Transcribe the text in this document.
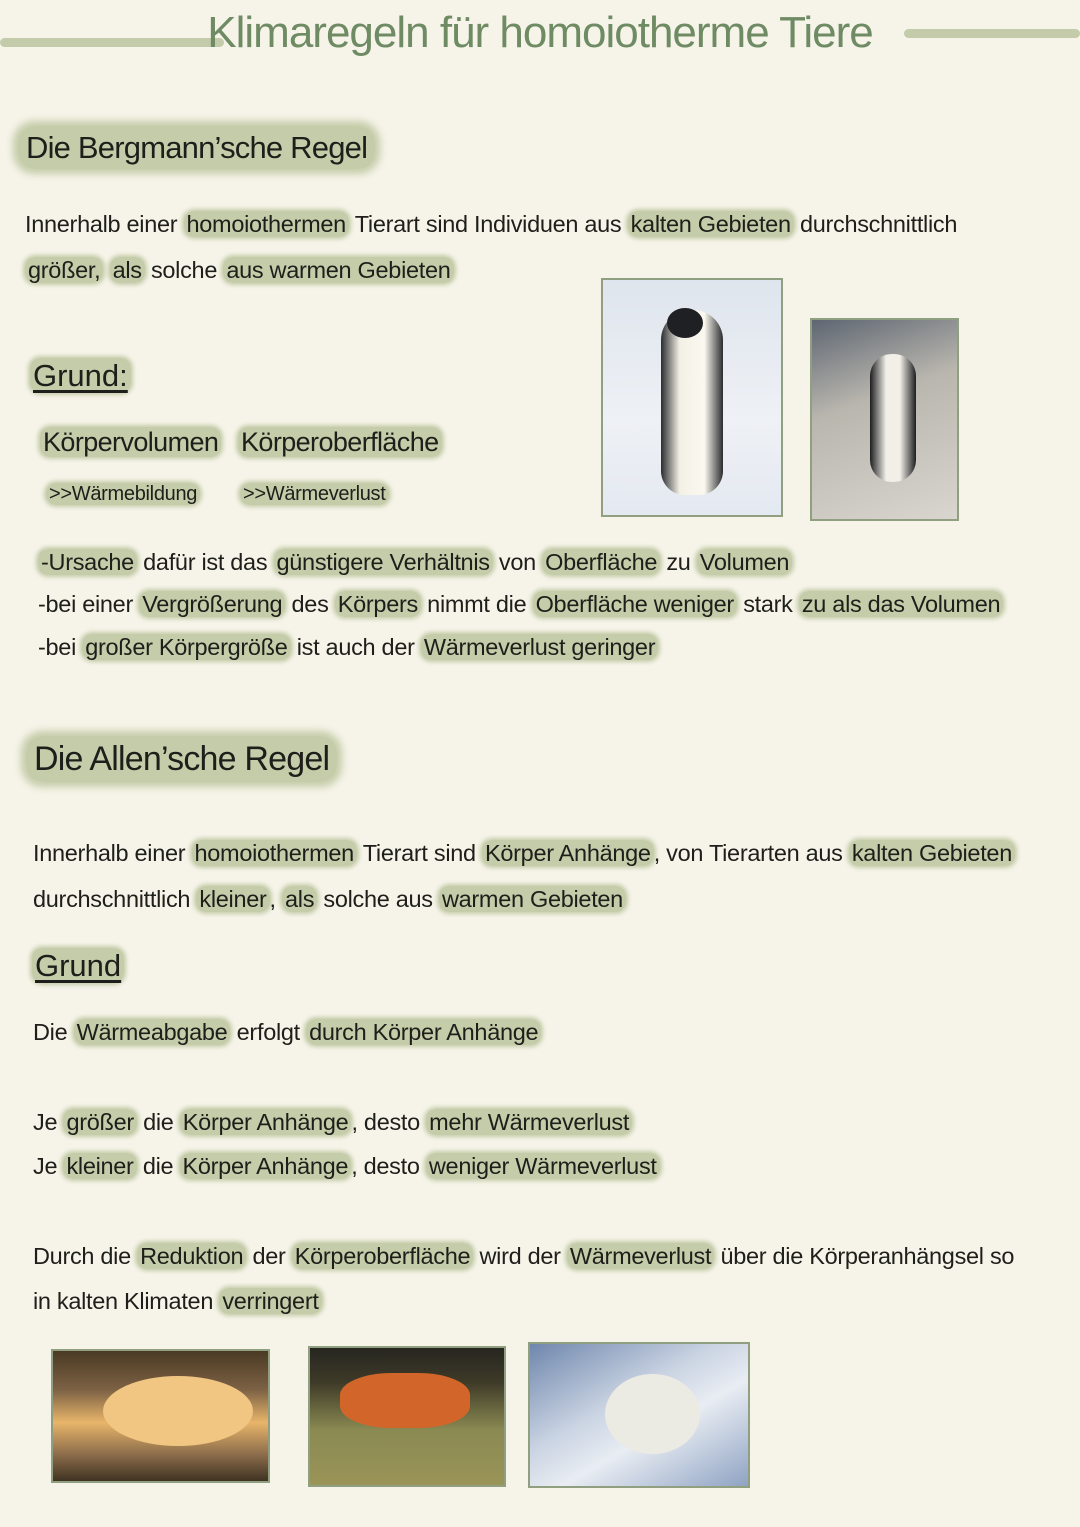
Klimaregeln für homoiotherme Tiere
Die Bergmann’sche Regel
Innerhalb einer homoiothermen Tierart sind Individuen aus kalten Gebieten durchschnittlich
größer, als solche aus warmen Gebieten
Grund:
Körpervolumen Körperoberfläche
>>Wärmebildung >>Wärmeverlust
-Ursache dafür ist das günstigere Verhältnis von Oberfläche zu Volumen
-bei einer Vergrößerung des Körpers nimmt die Oberfläche weniger stark zu als das Volumen
-bei großer Körpergröße ist auch der Wärmeverlust geringer
Die Allen’sche Regel
Innerhalb einer homoiothermen Tierart sind Körper Anhänge , von Tierarten aus kalten Gebieten
durchschnittlich kleiner , als solche aus warmen Gebieten
Grund
Die Wärmeabgabe erfolgt durch Körper Anhänge
Je größer die Körper Anhänge , desto mehr Wärmeverlust
Je kleiner die Körper Anhänge , desto weniger Wärmeverlust
Durch die Reduktion der Körperoberfläche wird der Wärmeverlust über die Körperanhängsel so
in kalten Klimaten verringert
